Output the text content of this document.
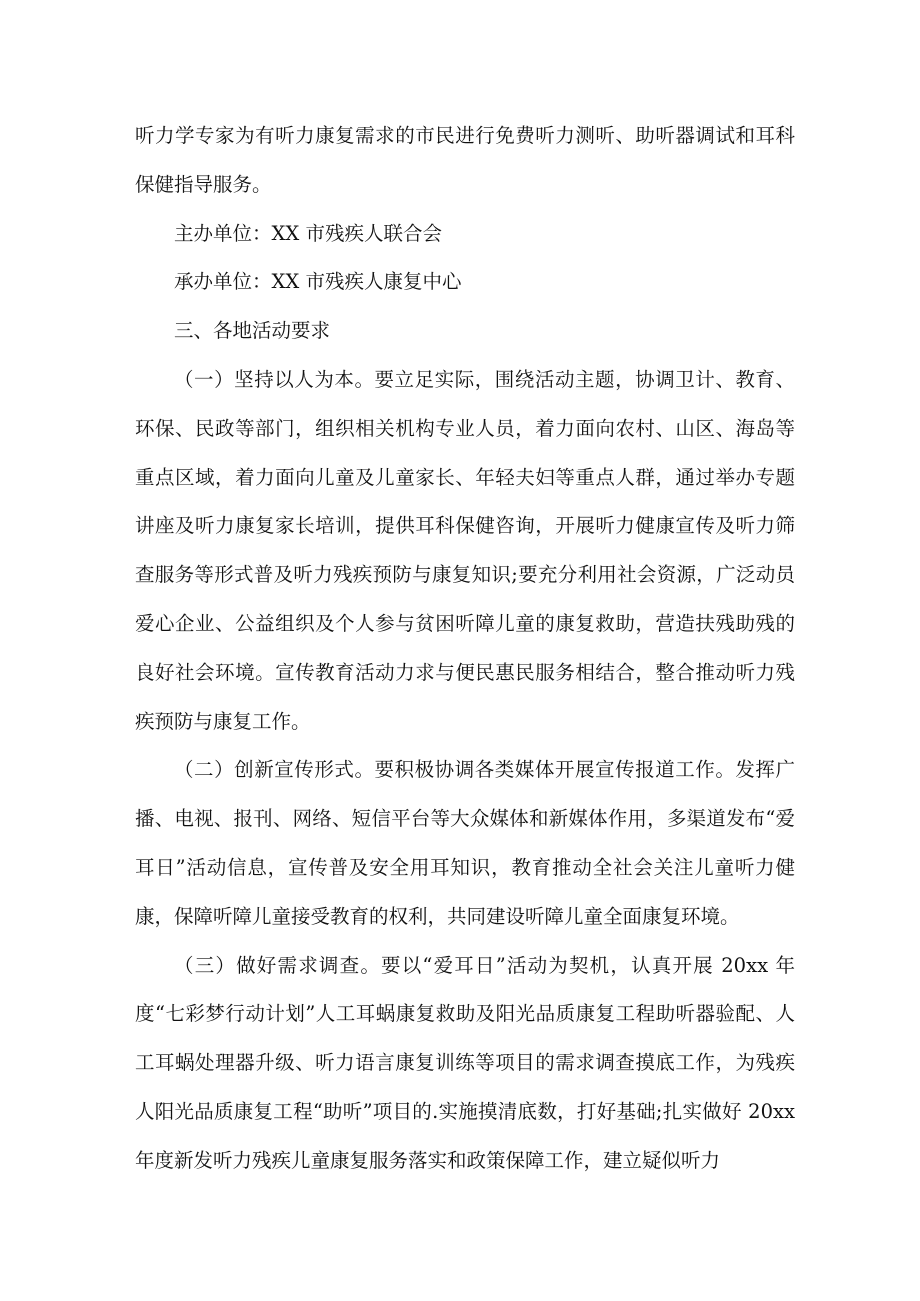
听力学专家为有听力康复需求的市民进行免费听力测听、助听器调试和耳科保健指导服务。

主办单位：XX 市残疾人联合会

承办单位：XX 市残疾人康复中心

三、各地活动要求

（一）坚持以人为本。要立足实际，围绕活动主题，协调卫计、教育、环保、民政等部门，组织相关机构专业人员，着力面向农村、山区、海岛等重点区域，着力面向儿童及儿童家长、年轻夫妇等重点人群，通过举办专题讲座及听力康复家长培训，提供耳科保健咨询，开展听力健康宣传及听力筛查服务等形式普及听力残疾预防与康复知识;要充分利用社会资源，广泛动员爱心企业、公益组织及个人参与贫困听障儿童的康复救助，营造扶残助残的良好社会环境。宣传教育活动力求与便民惠民服务相结合，整合推动听力残疾预防与康复工作。

（二）创新宣传形式。要积极协调各类媒体开展宣传报道工作。发挥广播、电视、报刊、网络、短信平台等大众媒体和新媒体作用，多渠道发布“爱耳日”活动信息，宣传普及安全用耳知识，教育推动全社会关注儿童听力健康，保障听障儿童接受教育的权利，共同建设听障儿童全面康复环境。

（三）做好需求调查。要以“爱耳日”活动为契机，认真开展 20xx 年度“七彩梦行动计划”人工耳蜗康复救助及阳光品质康复工程助听器验配、人工耳蜗处理器升级、听力语言康复训练等项目的需求调查摸底工作，为残疾人阳光品质康复工程“助听”项目的.实施摸清底数，打好基础;扎实做好 20xx 年度新发听力残疾儿童康复服务落实和政策保障工作，建立疑似听力
